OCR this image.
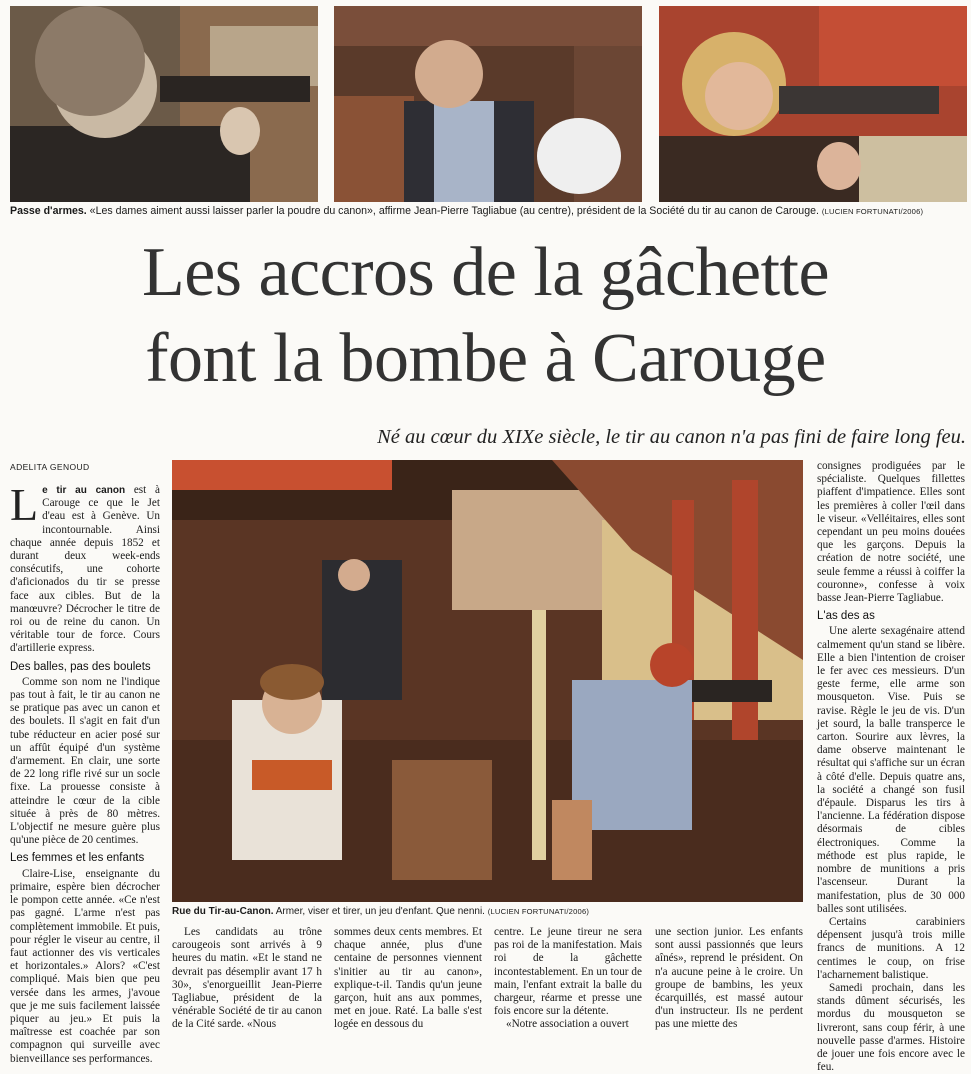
Passe d'armes. «Les dames aiment aussi laisser parler la poudre du canon», affirme Jean-Pierre Tagliabue (au centre), président de la Société du tir au canon de Carouge. (LUCIEN FORTUNATI/2006)
Les accros de la gâchette
font la bombe à Carouge
Né au cœur du XIXe siècle, le tir au canon n'a pas fini de faire long feu.
ADELITA GENOUD

Le tir au canon est à Carouge ce que le Jet d'eau est à Genève. Un incontournable. Ainsi chaque année depuis 1852 et durant deux week-ends consécutifs, une cohorte d'aficionados du tir se presse face aux cibles. But de la manœuvre? Décrocher le titre de roi ou de reine du canon. Un véritable tour de force. Cours d'artillerie express.

Des balles, pas des boulets

Comme son nom ne l'indique pas tout à fait, le tir au canon ne se pratique pas avec un canon et des boulets. Il s'agit en fait d'un tube réducteur en acier posé sur un affût équipé d'un système d'armement. En clair, une sorte de 22 long rifle rivé sur un socle fixe. La prouesse consiste à atteindre le cœur de la cible située à près de 80 mètres. L'objectif ne mesure guère plus qu'une pièce de 20 centimes.

Les femmes et les enfants

Claire-Lise, enseignante du primaire, espère bien décrocher le pompon cette année. «Ce n'est pas gagné. L'arme n'est pas complètement immobile. Et puis, pour régler le viseur au centre, il faut actionner des vis verticales et horizontales.» Alors? «C'est compliqué. Mais bien que peu versée dans les armes, j'avoue que je me suis facilement laissée piquer au jeu.» Et puis la maîtresse est coachée par son compagnon qui surveille avec bienveillance ses performances.

Rue du Tir-au-Canon. Armer, viser et tirer, un jeu d'enfant. Que nenni. (LUCIEN FORTUNATI/2006)

Les candidats au trône carougeois sont arrivés à 9 heures du matin. «Et le stand ne devrait pas désemplir avant 17 h 30», s'enorgueillit Jean-Pierre Tagliabue, président de la vénérable Société de tir au canon de la Cité sarde. «Nous

sommes deux cents membres. Et chaque année, plus d'une centaine de personnes viennent s'initier au tir au canon», explique-t-il. Tandis qu'un jeune garçon, huit ans aux pommes, met en joue. Raté. La balle s'est logée en dessous du

centre. Le jeune tireur ne sera pas roi de la manifestation. Mais roi de la gâchette incontestablement. En un tour de main, l'enfant extrait la balle du chargeur, réarme et presse une fois encore sur la détente.

«Notre association a ouvert

une section junior. Les enfants sont aussi passionnés que leurs aînés», reprend le président. On n'a aucune peine à le croire. Un groupe de bambins, les yeux écarquillés, est massé autour d'un instructeur. Ils ne perdent pas une miette des

consignes prodiguées par le spécialiste. Quelques fillettes piaffent d'impatience. Elles sont les premières à coller l'œil dans le viseur. «Velléitaires, elles sont cependant un peu moins douées que les garçons. Depuis la création de notre société, une seule femme a réussi à coiffer la couronne», confesse à voix basse Jean-Pierre Tagliabue.

L'as des as

Une alerte sexagénaire attend calmement qu'un stand se libère. Elle a bien l'intention de croiser le fer avec ces messieurs. D'un geste ferme, elle arme son mousqueton. Vise. Puis se ravise. Règle le jeu de vis. D'un jet sourd, la balle transperce le carton. Sourire aux lèvres, la dame observe maintenant le résultat qui s'affiche sur un écran à côté d'elle. Depuis quatre ans, la société a changé son fusil d'épaule. Disparus les tirs à l'ancienne. La fédération dispose désormais de cibles électroniques. Comme la méthode est plus rapide, le nombre de munitions a pris l'ascenseur. Durant la manifestation, plus de 30 000 balles sont utilisées.

Certains carabiniers dépensent jusqu'à trois mille francs de munitions. A 12 centimes le coup, on frise l'acharnement balistique.

Samedi prochain, dans les stands dûment sécurisés, les mordus du mousqueton se livreront, sans coup férir, à une nouvelle passe d'armes. Histoire de jouer une fois encore avec le feu.
